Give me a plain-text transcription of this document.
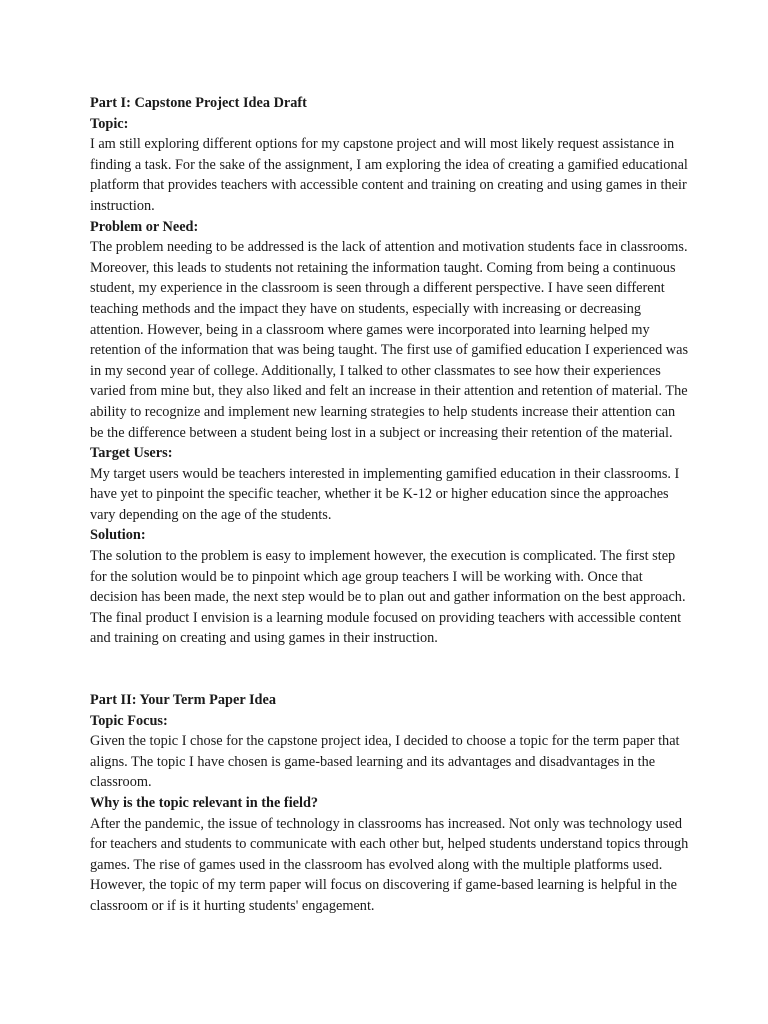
Part I: Capstone Project Idea Draft

Topic:

I am still exploring different options for my capstone project and will most likely request assistance in finding a task. For the sake of the assignment, I am exploring the idea of creating a gamified educational platform that provides teachers with accessible content and training on creating and using games in their instruction.

Problem or Need:

The problem needing to be addressed is the lack of attention and motivation students face in classrooms. Moreover, this leads to students not retaining the information taught. Coming from being a continuous student, my experience in the classroom is seen through a different perspective. I have seen different teaching methods and the impact they have on students, especially with increasing or decreasing attention. However, being in a classroom where games were incorporated into learning helped my retention of the information that was being taught. The first use of gamified education I experienced was in my second year of college. Additionally, I talked to other classmates to see how their experiences varied from mine but, they also liked and felt an increase in their attention and retention of material. The ability to recognize and implement new learning strategies to help students increase their attention can be the difference between a student being lost in a subject or increasing their retention of the material.

Target Users:

My target users would be teachers interested in implementing gamified education in their classrooms. I have yet to pinpoint the specific teacher, whether it be K-12 or higher education since the approaches vary depending on the age of the students.

Solution:

The solution to the problem is easy to implement however, the execution is complicated. The first step for the solution would be to pinpoint which age group teachers I will be working with. Once that decision has been made, the next step would be to plan out and gather information on the best approach. The final product I envision is a learning module focused on providing teachers with accessible content and training on creating and using games in their instruction.

Part II: Your Term Paper Idea

Topic Focus:

Given the topic I chose for the capstone project idea, I decided to choose a topic for the term paper that aligns. The topic I have chosen is game-based learning and its advantages and disadvantages in the classroom.

Why is the topic relevant in the field?

After the pandemic, the issue of technology in classrooms has increased. Not only was technology used for teachers and students to communicate with each other but, helped students understand topics through games. The rise of games used in the classroom has evolved along with the multiple platforms used. However, the topic of my term paper will focus on discovering if game-based learning is helpful in the classroom or if is it hurting students' engagement.
